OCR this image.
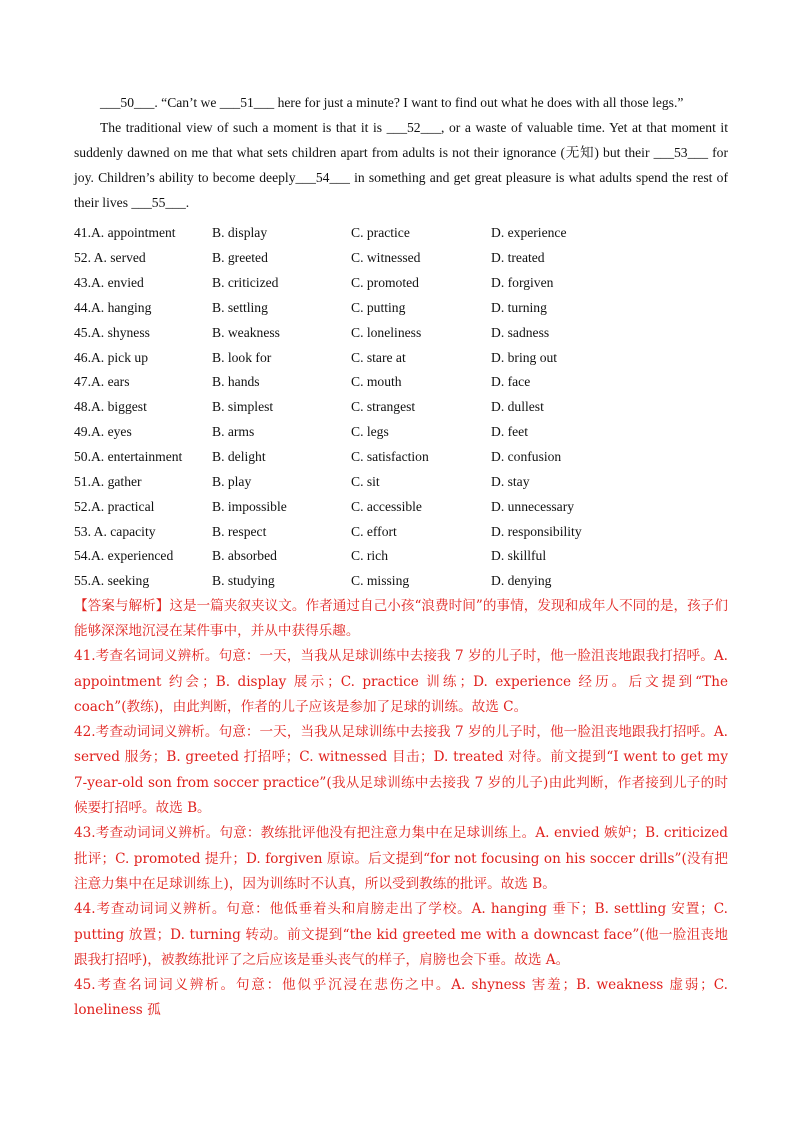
___50___. “Can’t we ___51___ here for just a minute? I want to find out what he does with all those legs.”

The traditional view of such a moment is that it is ___52___, or a waste of valuable time. Yet at that moment it suddenly dawned on me that what sets children apart from adults is not their ignorance (无知) but their ___53___ for joy. Children’s ability to become deeply___54___ in something and get great pleasure is what adults spend the rest of their lives ___55___.

41.A. appointment	B. display	C. practice	D. experience
52. A. served	B. greeted	C. witnessed	D. treated
43.A. envied	B. criticized	C. promoted	D. forgiven
44.A. hanging	B. settling	C. putting	D. turning
45.A. shyness	B. weakness	C. loneliness	D. sadness
46.A. pick up	B. look for	C. stare at	D. bring out
47.A. ears	B. hands	C. mouth	D. face
48.A. biggest	B. simplest	C. strangest	D. dullest
49.A. eyes	B. arms	C. legs	D. feet
50.A. entertainment	B. delight	C. satisfaction	D. confusion
51.A. gather	B. play	C. sit	D. stay
52.A. practical	B. impossible	C. accessible	D. unnecessary
53. A. capacity	B. respect	C. effort	D. responsibility
54.A. experienced	B. absorbed	C. rich	D. skillful
55.A. seeking	B. studying	C. missing	D. denying

【答案与解析】这是一篇夹叙夹议文。作者通过自己小孩“浪费时间”的事情，发现和成年人不同的是，孩子们能够深深地沉浸在某件事中，并从中获得乐趣。

41.考查名词词义辨析。句意：一天，当我从足球训练中去接我 7 岁的儿子时，他一脸沮丧地跟我打招呼。A. appointment 约会；B. display 展示；C. practice 训练；D. experience 经历。后文提到“The coach”(教练)，由此判断，作者的儿子应该是参加了足球的训练。故选 C。

42.考查动词词义辨析。句意：一天，当我从足球训练中去接我 7 岁的儿子时，他一脸沮丧地跟我打招呼。A. served 服务；B. greeted 打招呼；C. witnessed 目击；D. treated 对待。前文提到“I went to get my 7-year-old son from soccer practice”(我从足球训练中去接我 7 岁的儿子)由此判断，作者接到儿子的时候要打招呼。故选 B。

43.考查动词词义辨析。句意：教练批评他没有把注意力集中在足球训练上。A. envied 嫉妒；B. criticized 批评；C. promoted 提升；D. forgiven 原谅。后文提到“for not focusing on his soccer drills”(没有把注意力集中在足球训练上)，因为训练时不认真，所以受到教练的批评。故选 B。

44.考查动词词义辨析。句意：他低垂着头和肩膀走出了学校。A. hanging 垂下；B. settling 安置；C. putting 放置；D. turning 转动。前文提到“the kid greeted me with a downcast face”(他一脸沮丧地跟我打招呼)，被教练批评了之后应该是垂头丧气的样子，肩膀也会下垂。故选 A。

45.考查名词词义辨析。句意：他似乎沉浸在悲伤之中。A. shyness 害羞；B. weakness 虚弱；C. loneliness 孤
